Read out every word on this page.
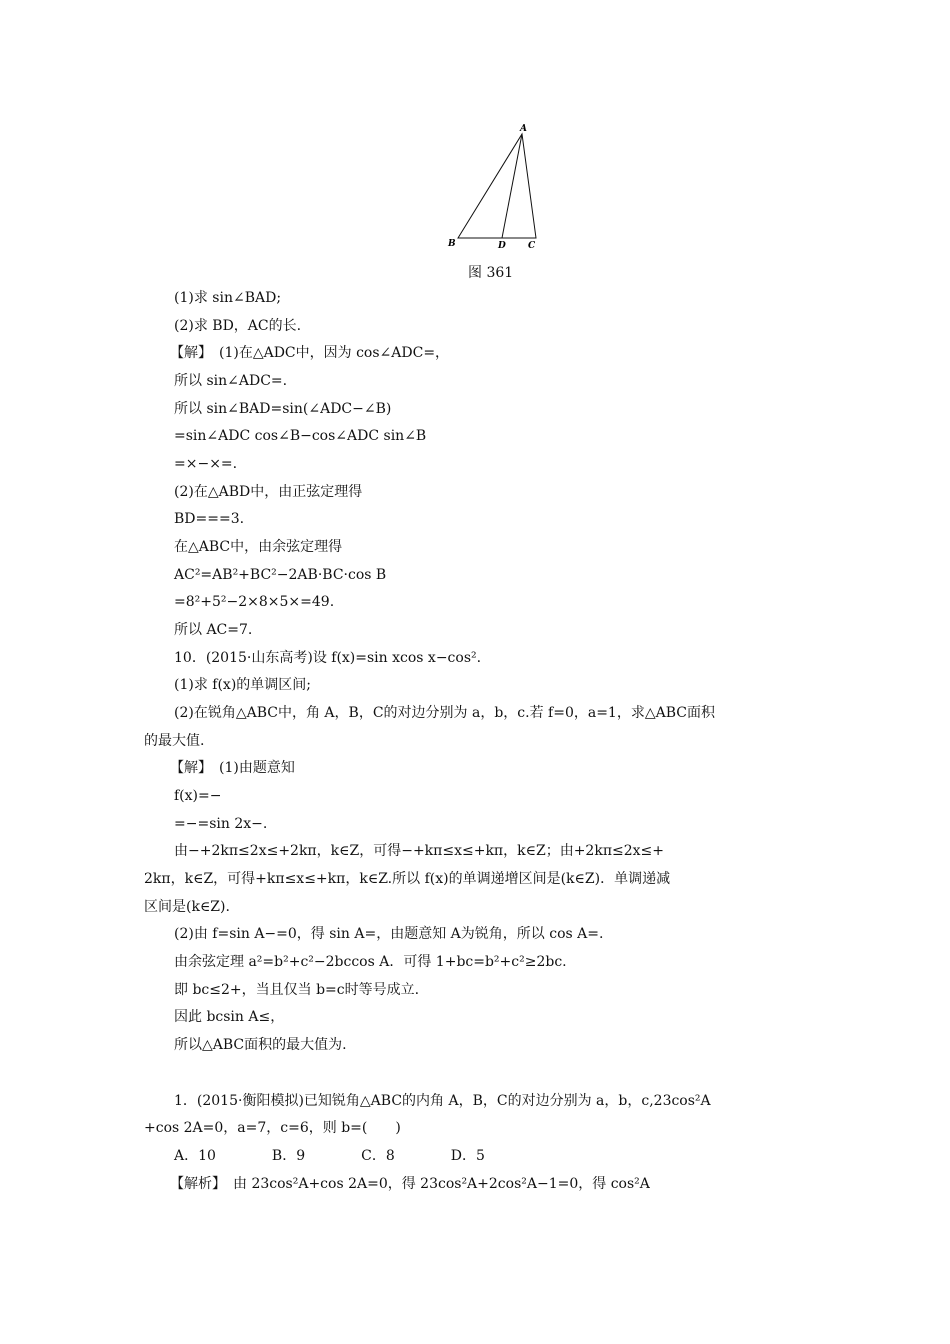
A
B	D C
图 361
(1)求 sin∠BAD;
(2)求 BD，AC的长.
【解】　(1)在△ADC中，因为 cos∠ADC=，
所以 sin∠ADC=.
所以 sin∠BAD=sin(∠ADC−∠B)
=sin∠ADC cos∠B−cos∠ADC sin∠B
=×−×=.
(2)在△ABD中，由正弦定理得
BD===3.
在△ABC中，由余弦定理得
AC²=AB²+BC²−2AB·BC·cos B
=8²+5²−2×8×5×=49.
所以 AC=7.
10．(2015·山东高考)设 f(x)=sin xcos x−cos².
(1)求 f(x)的单调区间;
(2)在锐角△ABC中，角 A，B，C的对边分别为 a，b，c.若 f=0，a=1，求△ABC面积
的最大值.
【解】　(1)由题意知
f(x)=−
=−=sin 2x−.
由−+2kπ≤2x≤+2kπ，k∈Z，可得−+kπ≤x≤+kπ，k∈Z；由+2kπ≤2x≤+
2kπ，k∈Z，可得+kπ≤x≤+kπ，k∈Z.所以 f(x)的单调递增区间是(k∈Z)．单调递减
区间是(k∈Z).
(2)由 f=sin A−=0，得 sin A=，由题意知 A为锐角，所以 cos A=.
由余弦定理 a²=b²+c²−2bccos A．可得 1+bc=b²+c²≥2bc.
即 bc≤2+，当且仅当 b=c时等号成立.
因此 bcsin A≤，
所以△ABC面积的最大值为.
1．(2015·衡阳模拟)已知锐角△ABC的内角 A，B，C的对边分别为 a，b，c,23cos²A
+cos 2A=0，a=7，c=6，则 b=(　　)
A．10　　　　B．9　　　　C．8　　　　D．5
【解析】　由 23cos²A+cos 2A=0，得 23cos²A+2cos²A−1=0，得 cos²A
